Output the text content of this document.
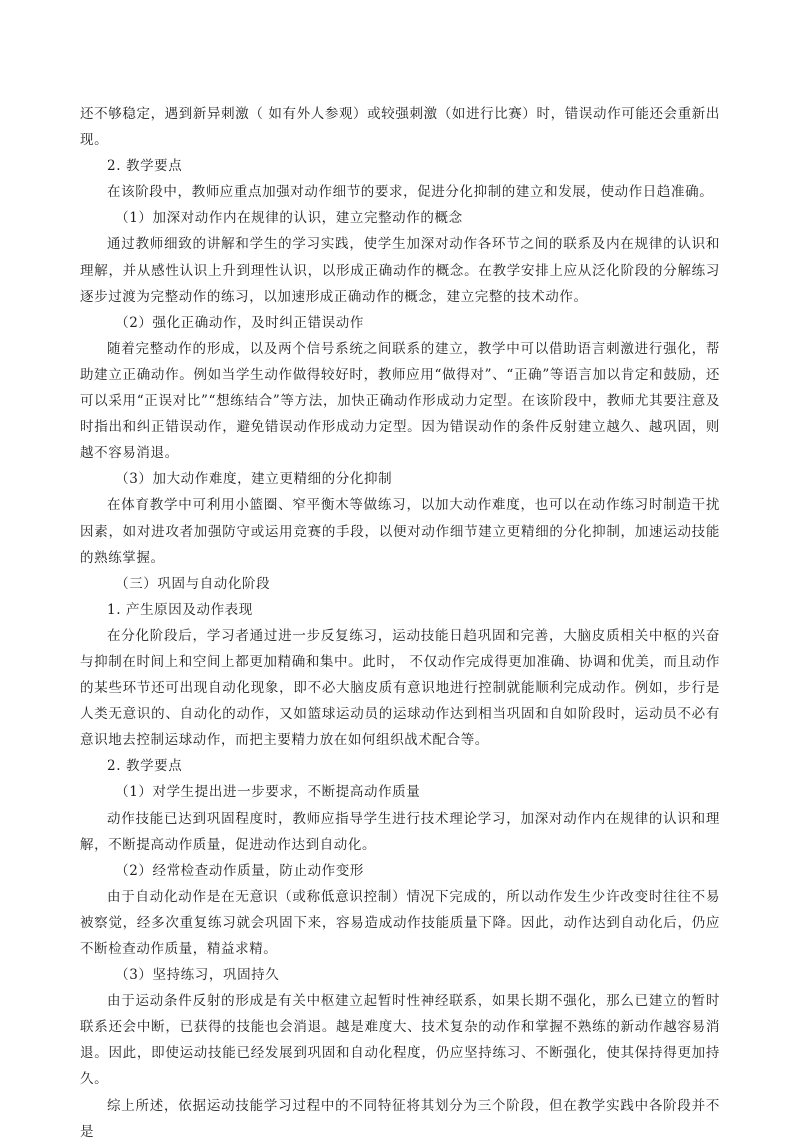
还不够稳定，遇到新异刺激（ 如有外人参观）或较强刺激（如进行比赛）时，错误动作可能还会重新出现。

2. 教学要点

在该阶段中，教师应重点加强对动作细节的要求，促进分化抑制的建立和发展，使动作日趋准确。

（1）加深对动作内在规律的认识，建立完整动作的概念

通过教师细致的讲解和学生的学习实践，使学生加深对动作各环节之间的联系及内在规律的认识和理解，并从感性认识上升到理性认识，以形成正确动作的概念。在教学安排上应从泛化阶段的分解练习逐步过渡为完整动作的练习，以加速形成正确动作的概念，建立完整的技术动作。

（2）强化正确动作，及时纠正错误动作

随着完整动作的形成，以及两个信号系统之间联系的建立，教学中可以借助语言刺激进行强化，帮助建立正确动作。例如当学生动作做得较好时，教师应用“做得对”、“正确”等语言加以肯定和鼓励，还可以采用“正误对比”“想练结合”等方法，加快正确动作形成动力定型。在该阶段中，教师尤其要注意及时指出和纠正错误动作，避免错误动作形成动力定型。因为错误动作的条件反射建立越久、越巩固，则越不容易消退。

（3）加大动作难度，建立更精细的分化抑制

在体育教学中可利用小篮圈、窄平衡木等做练习，以加大动作难度，也可以在动作练习时制造干扰因素，如对进攻者加强防守或运用竞赛的手段，以便对动作细节建立更精细的分化抑制，加速运动技能的熟练掌握。

（三）巩固与自动化阶段

1. 产生原因及动作表现

在分化阶段后，学习者通过进一步反复练习，运动技能日趋巩固和完善，大脑皮质相关中枢的兴奋与抑制在时间上和空间上都更加精确和集中。此时， 不仅动作完成得更加准确、协调和优美，而且动作的某些环节还可出现自动化现象，即不必大脑皮质有意识地进行控制就能顺利完成动作。例如，步行是人类无意识的、自动化的动作，又如篮球运动员的运球动作达到相当巩固和自如阶段时，运动员不必有意识地去控制运球动作，而把主要精力放在如何组织战术配合等。

2. 教学要点

（1）对学生提出进一步要求，不断提高动作质量

动作技能已达到巩固程度时，教师应指导学生进行技术理论学习，加深对动作内在规律的认识和理解，不断提高动作质量，促进动作达到自动化。

（2）经常检查动作质量，防止动作变形

由于自动化动作是在无意识（或称低意识控制）情况下完成的，所以动作发生少许改变时往往不易被察觉，经多次重复练习就会巩固下来，容易造成动作技能质量下降。因此，动作达到自动化后，仍应不断检查动作质量，精益求精。

（3）坚持练习，巩固持久

由于运动条件反射的形成是有关中枢建立起暂时性神经联系，如果长期不强化，那么已建立的暂时联系还会中断，已获得的技能也会消退。越是难度大、技术复杂的动作和掌握不熟练的新动作越容易消退。因此，即使运动技能已经发展到巩固和自动化程度，仍应坚持练习、不断强化，使其保持得更加持久。

综上所述，依据运动技能学习过程中的不同特征将其划分为三个阶段，但在教学实践中各阶段并不是
